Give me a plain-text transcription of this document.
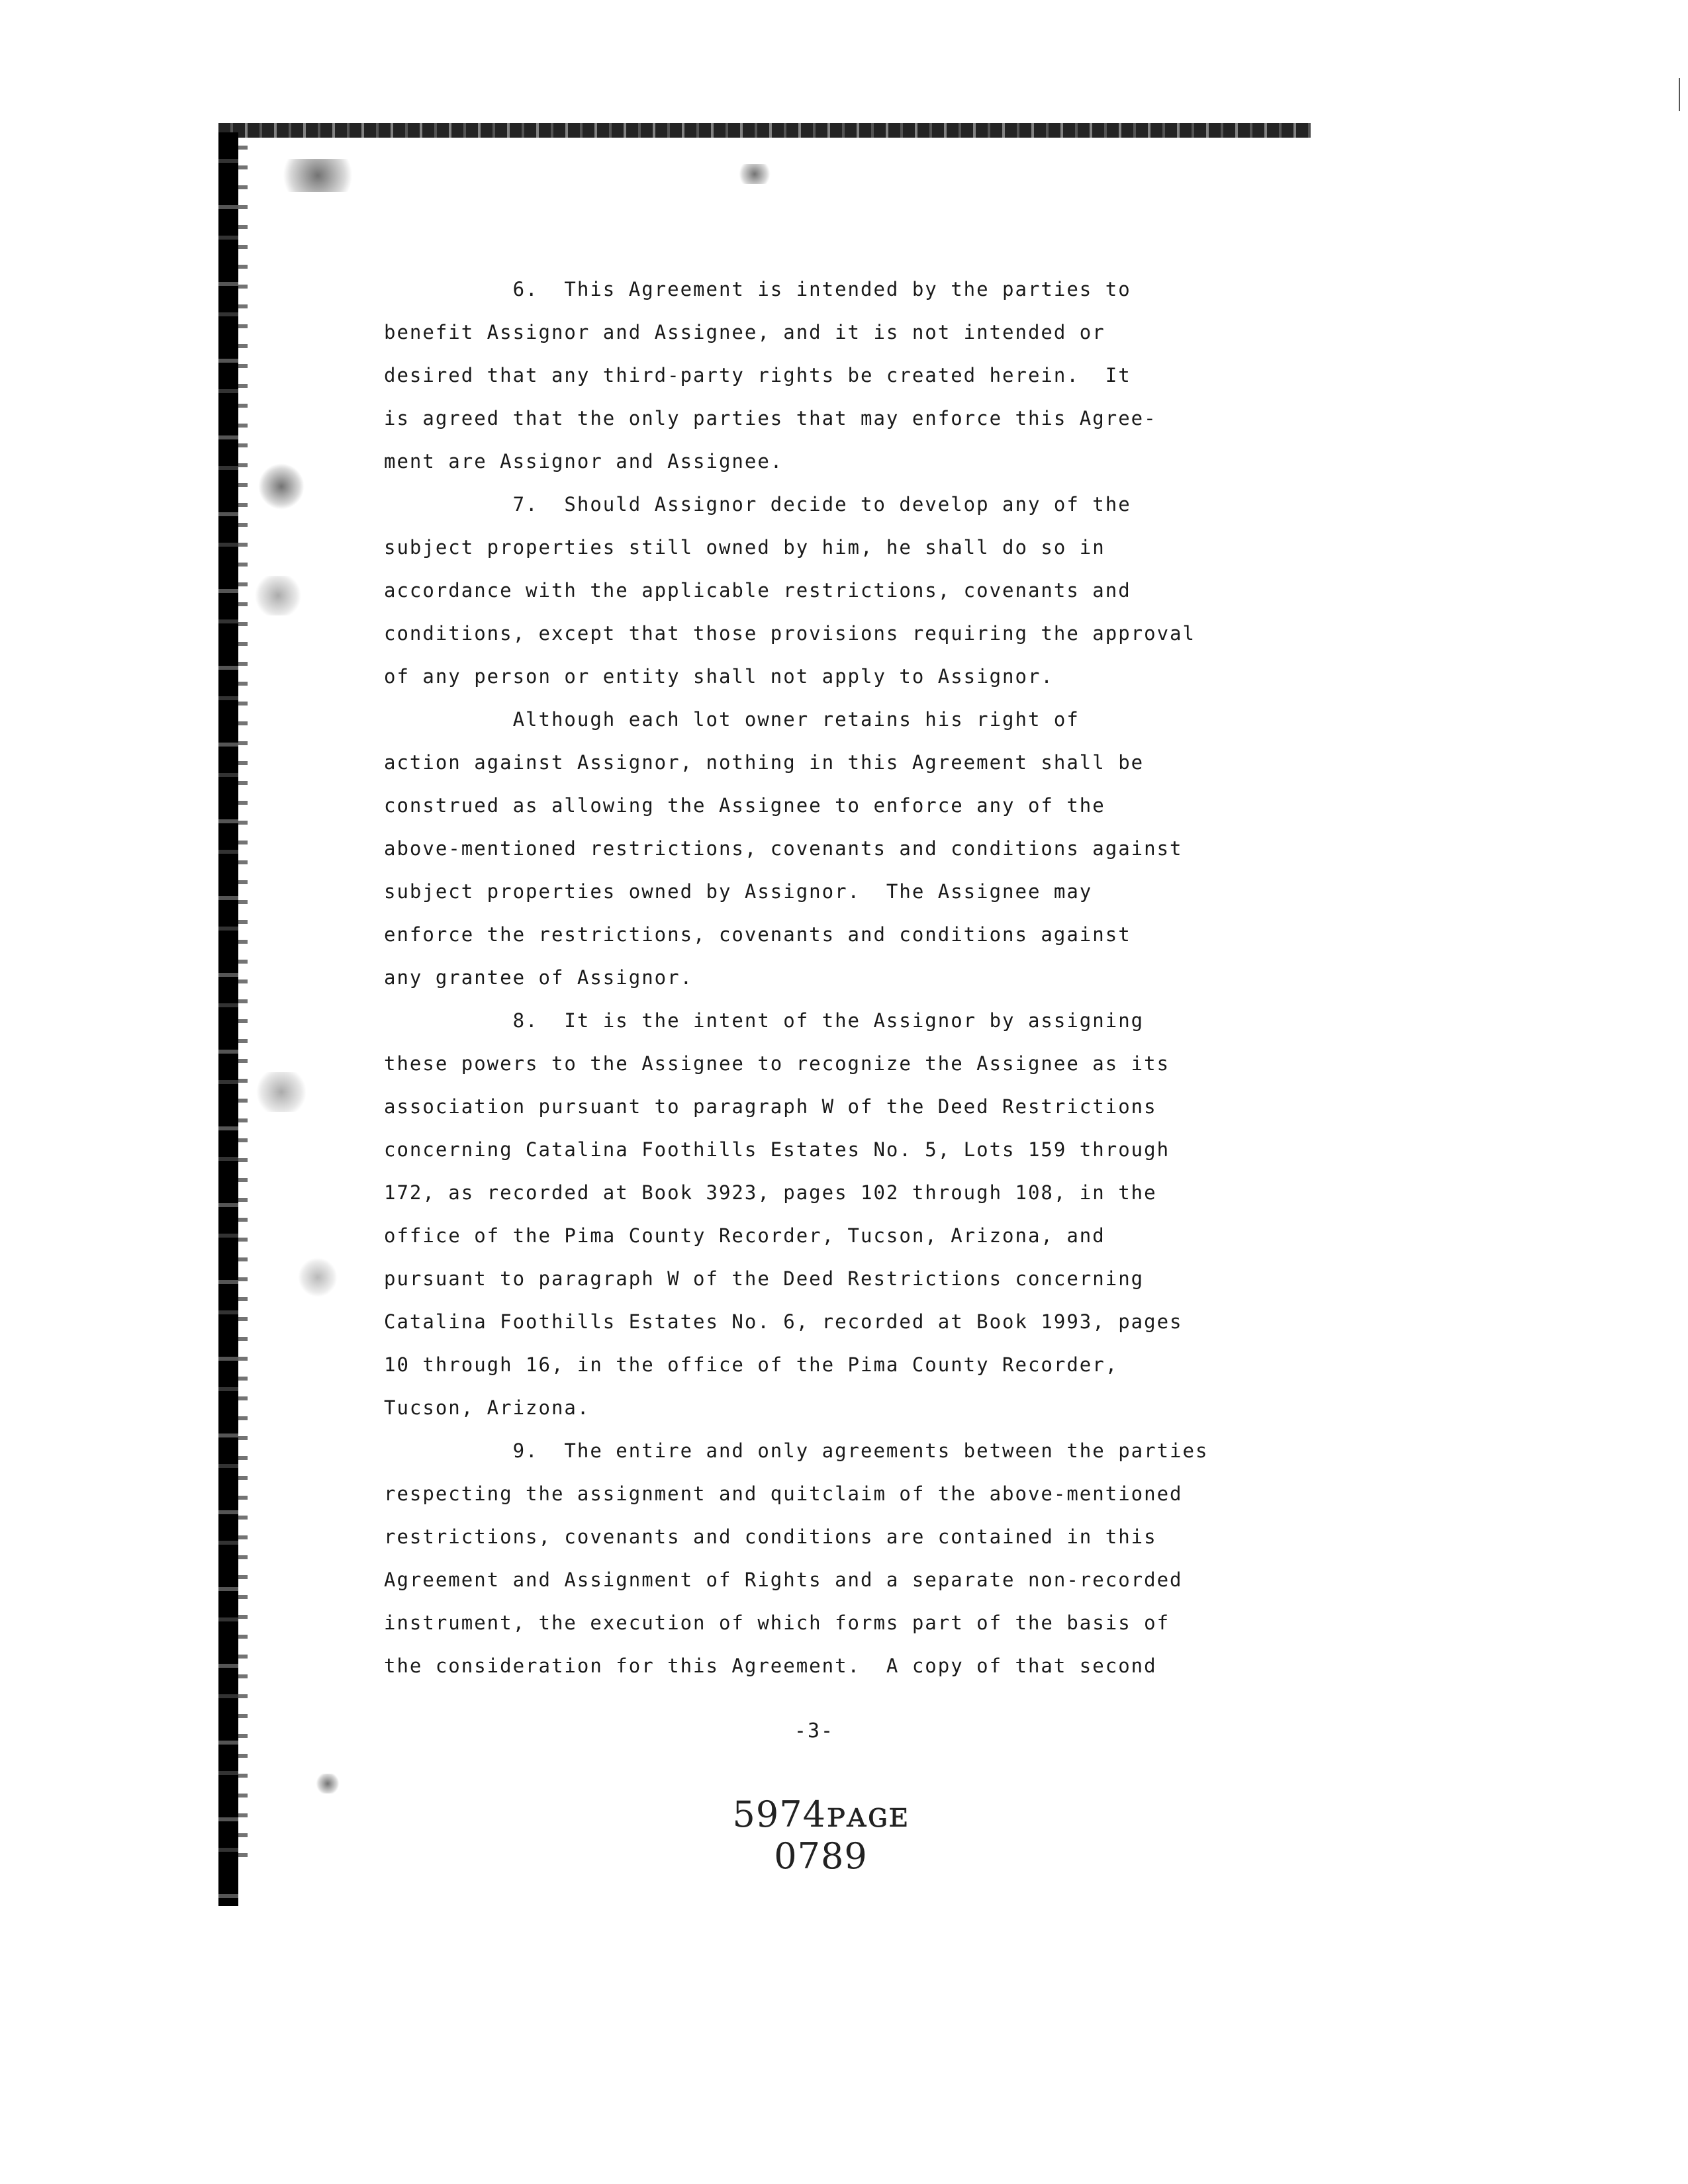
6.  This Agreement is intended by the parties to
benefit Assignor and Assignee, and it is not intended or
desired that any third-party rights be created herein.  It
is agreed that the only parties that may enforce this Agree-
ment are Assignor and Assignee.
7.  Should Assignor decide to develop any of the
subject properties still owned by him, he shall do so in
accordance with the applicable restrictions, covenants and
conditions, except that those provisions requiring the approval
of any person or entity shall not apply to Assignor.
Although each lot owner retains his right of
action against Assignor, nothing in this Agreement shall be
construed as allowing the Assignee to enforce any of the
above-mentioned restrictions, covenants and conditions against
subject properties owned by Assignor.  The Assignee may
enforce the restrictions, covenants and conditions against
any grantee of Assignor.
8.  It is the intent of the Assignor by assigning
these powers to the Assignee to recognize the Assignee as its
association pursuant to paragraph W of the Deed Restrictions
concerning Catalina Foothills Estates No. 5, Lots 159 through
172, as recorded at Book 3923, pages 102 through 108, in the
office of the Pima County Recorder, Tucson, Arizona, and
pursuant to paragraph W of the Deed Restrictions concerning
Catalina Foothills Estates No. 6, recorded at Book 1993, pages
10 through 16, in the office of the Pima County Recorder,
Tucson, Arizona.
9.  The entire and only agreements between the parties
respecting the assignment and quitclaim of the above-mentioned
restrictions, covenants and conditions are contained in this
Agreement and Assignment of Rights and a separate non-recorded
instrument, the execution of which forms part of the basis of
the consideration for this Agreement.  A copy of that second
-3-
5974ᴘᴀɢᴇ 0789
